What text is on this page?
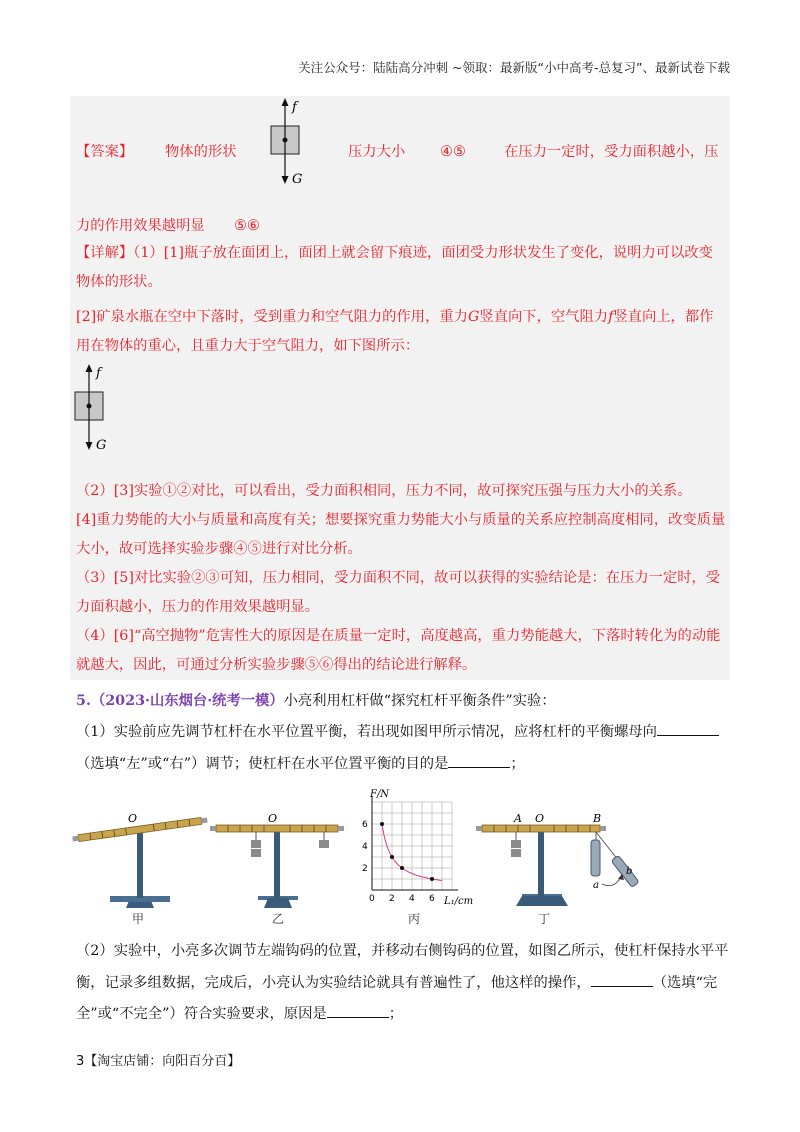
关注公众号：陆陆高分冲刺 ~领取：最新版“小中高考-总复习”、最新试卷下载
【答案】 物体的形状	压力大小 ④⑤	在压力一定时，受力面积越小，压
f
G
力的作用效果越明显 ⑤⑥
【详解】（1）[1]瓶子放在面团上，面团上就会留下痕迹，面团受力形状发生了变化，说明力可以改变物体的形状。
[2]矿泉水瓶在空中下落时，受到重力和空气阻力的作用，重力G竖直向下，空气阻力f竖直向上，都作用在物体的重心，且重力大于空气阻力，如下图所示：
f
G
（2）[3]实验①②对比，可以看出，受力面积相同，压力不同，故可探究压强与压力大小的关系。
[4]重力势能的大小与质量和高度有关；想要探究重力势能大小与质量的关系应控制高度相同，改变质量大小，故可选择实验步骤④⑤进行对比分析。
（3）[5]对比实验②③可知，压力相同，受力面积不同，故可以获得的实验结论是：在压力一定时，受力面积越小，压力的作用效果越明显。
（4）[6]“高空抛物”危害性大的原因是在质量一定时，高度越高，重力势能越大，下落时转化为的动能就越大，因此，可通过分析实验步骤⑤⑥得出的结论进行解释。
5.（2023·山东烟台·统考一模）小亮利用杠杆做“探究杠杆平衡条件”实验：
（1）实验前应先调节杠杆在水平位置平衡，若出现如图甲所示情况，应将杠杆的平衡螺母向
（选填“左”或“右”）调节；使杠杆在水平位置平衡的目的是	；
O
甲
O
乙
F/N
L₁/cm
0 2 4 6
2
4
6
丙
A O	B
a
b
丁
（2）实验中，小亮多次调节左端钩码的位置，并移动右侧钩码的位置，如图乙所示，使杠杆保持水平平
衡，记录多组数据，完成后，小亮认为实验结论就具有普遍性了，他这样的操作，	（选填“完
全”或“不完全”）符合实验要求，原因是	；
3【淘宝店铺：向阳百分百】
